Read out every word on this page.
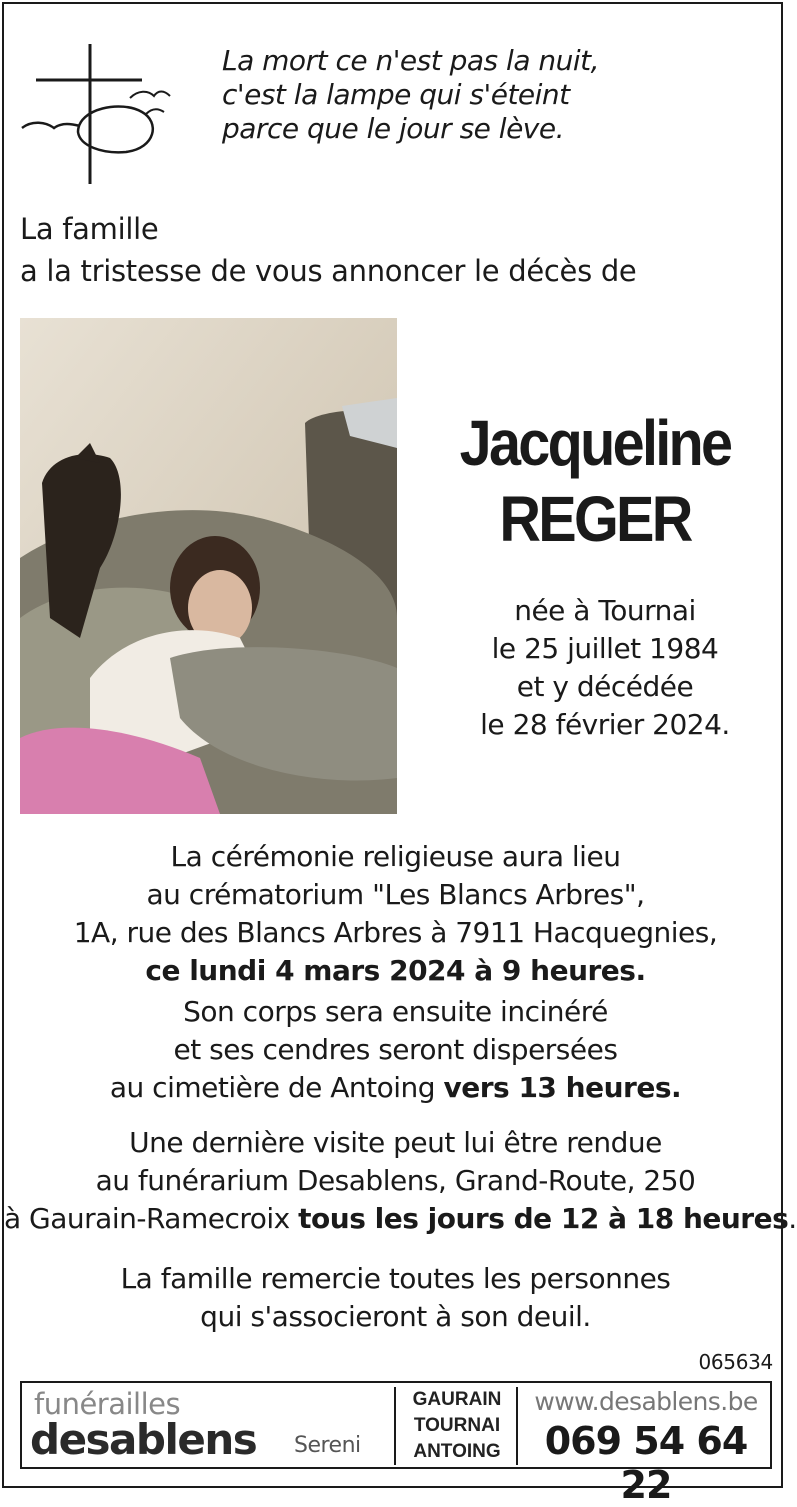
La mort ce n'est pas la nuit,
c'est la lampe qui s'éteint
parce que le jour se lève.
La famille
a la tristesse de vous annoncer le décès de
Jacqueline
REGER
née à Tournai
le 25 juillet 1984
et y décédée
le 28 février 2024.
La cérémonie religieuse aura lieu
au crématorium "Les Blancs Arbres",
1A, rue des Blancs Arbres à 7911 Hacquegnies,
ce lundi 4 mars 2024 à 9 heures.
Son corps sera ensuite incinéré
et ses cendres seront dispersées
au cimetière de Antoing vers 13 heures.
Une dernière visite peut lui être rendue
au funérarium Desablens, Grand-Route, 250
à Gaurain-Ramecroix tous les jours de 12 à 18 heures.
La famille remercie toutes les personnes
qui s'associeront à son deuil.
065634
funérailles
desablens Sereni
GAURAIN
TOURNAI
ANTOING
www.desablens.be
069 54 64 22
